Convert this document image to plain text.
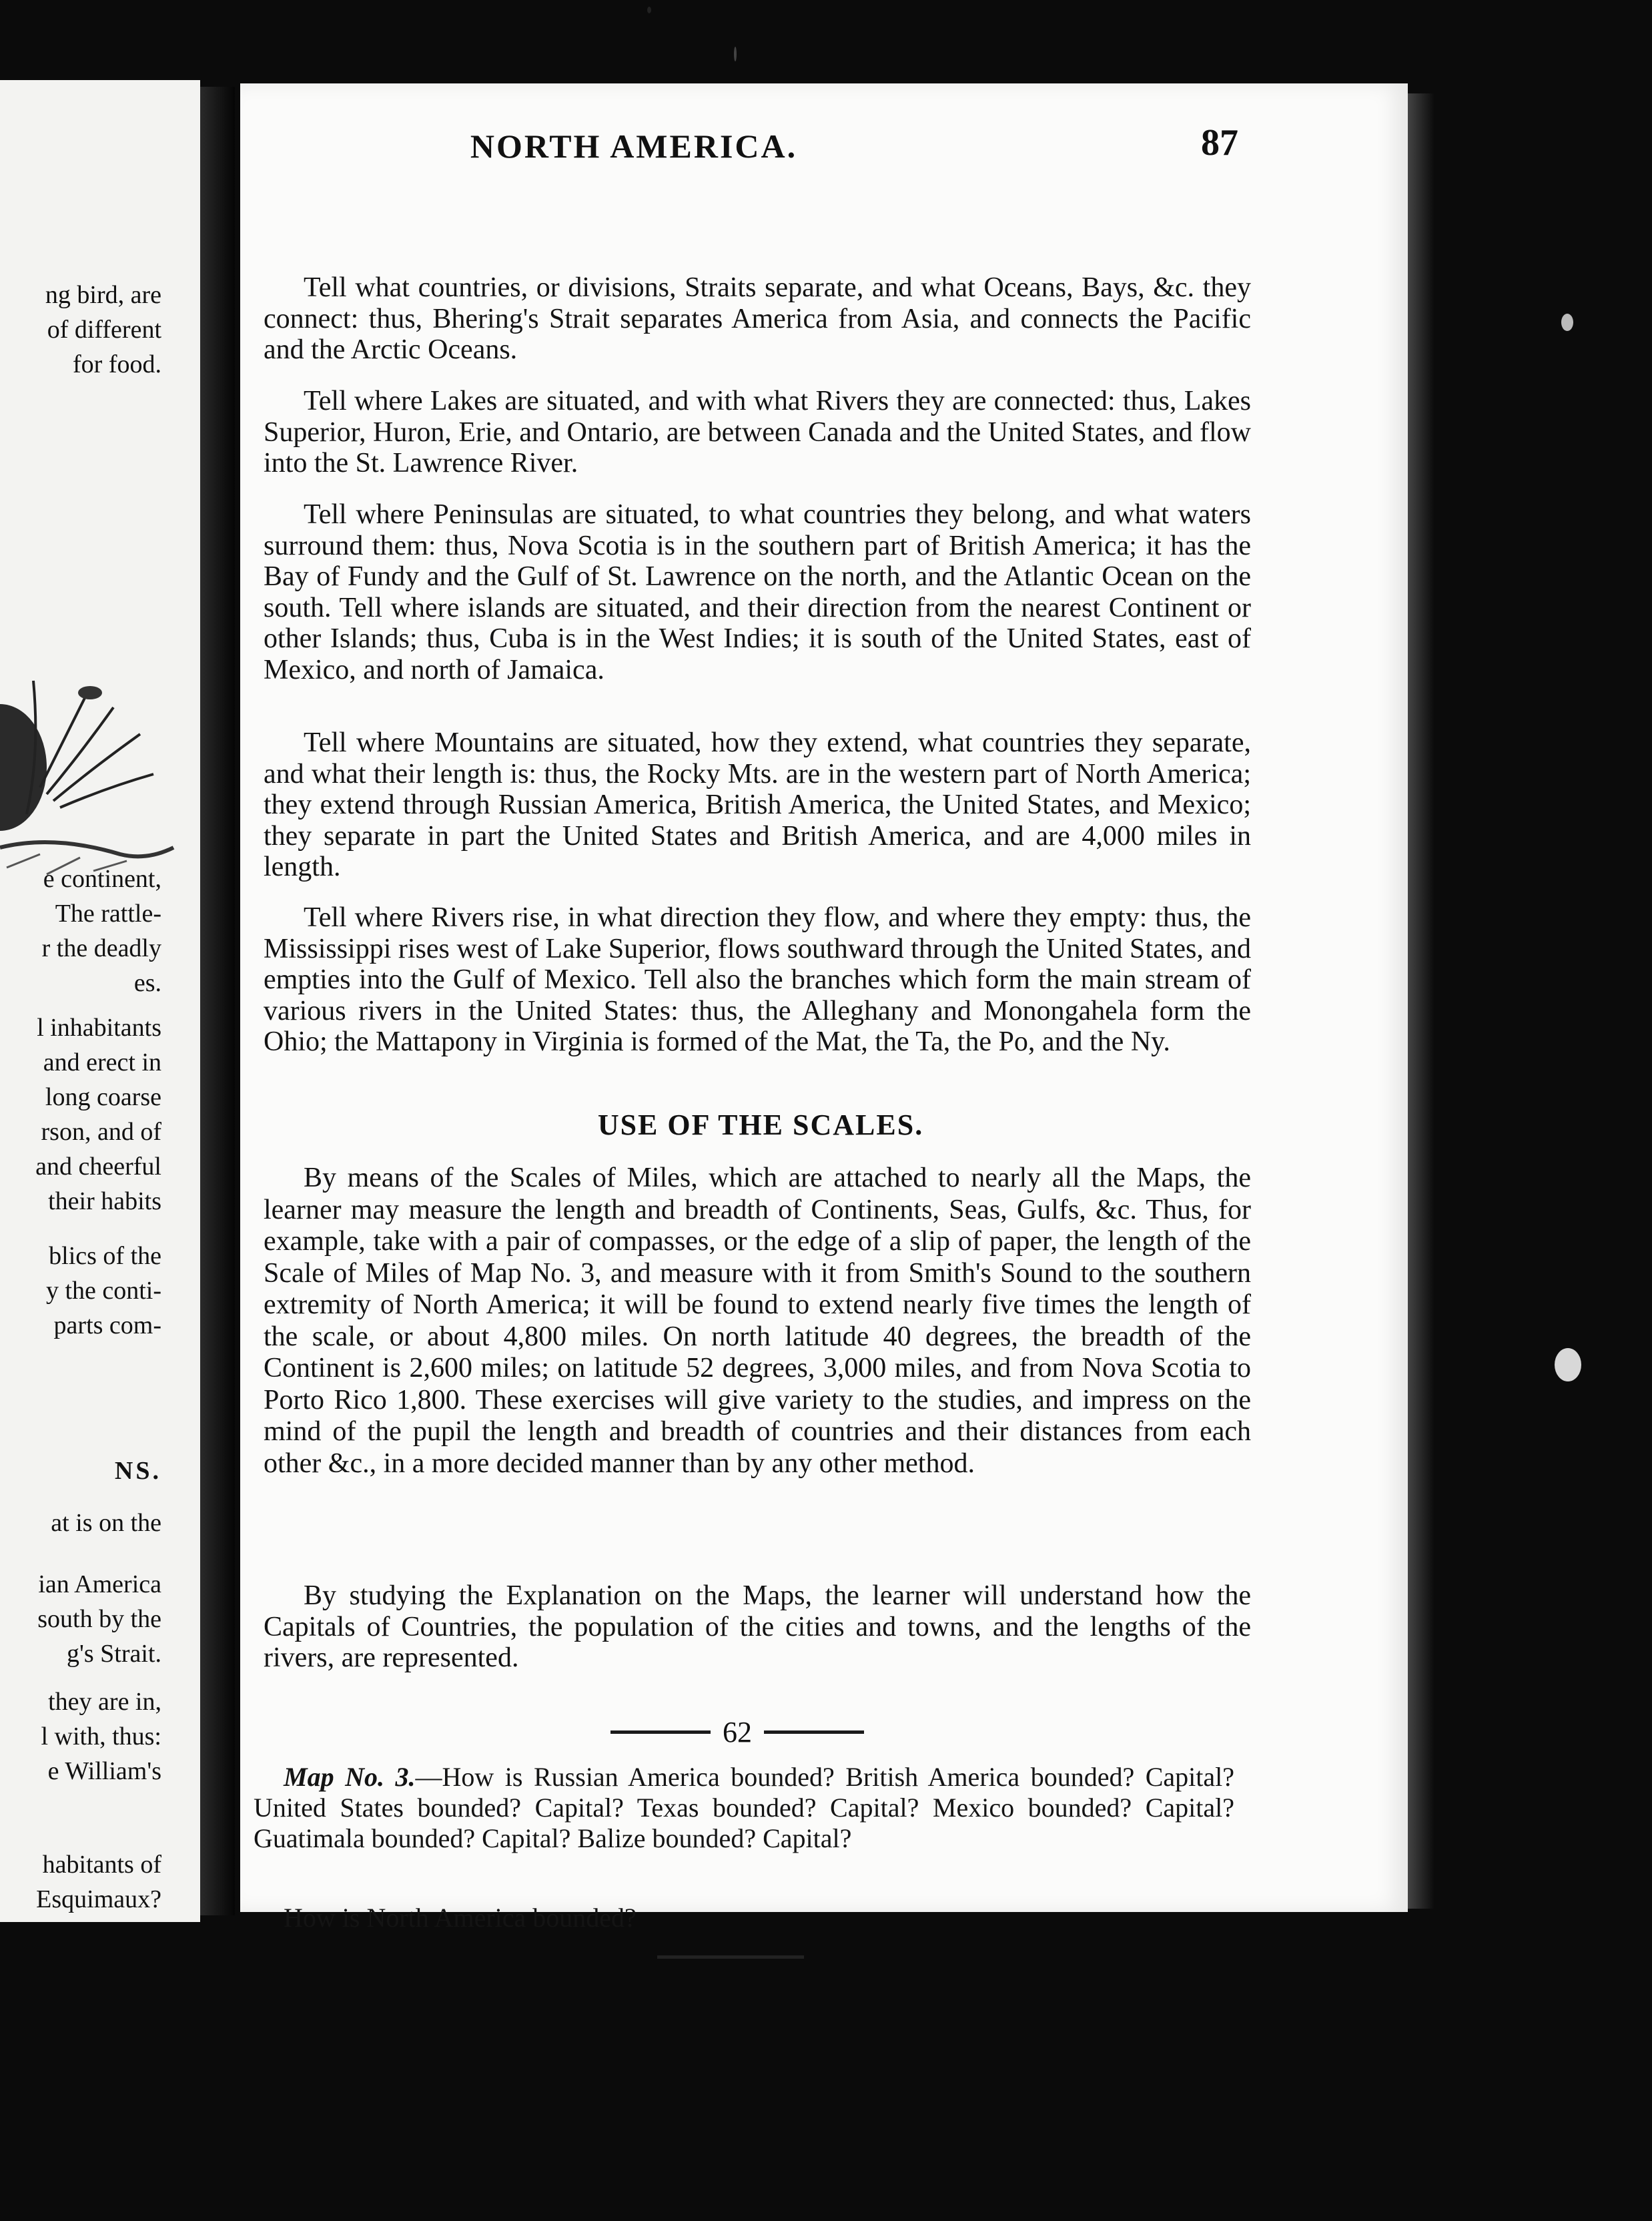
ng bird, are
of different
for food.
e continent,
The rattle-
r the deadly
es.
l inhabitants
and erect in
long coarse
rson, and of
and cheerful
their habits
blics of the
y the conti-
parts com-
NS.
at is on the
ian America
south by the
g's Strait.
they are in,
l with, thus:
e William's
habitants of
Esquimaux?
NORTH AMERICA.	87

Tell what countries, or divisions, Straits separate, and what Oceans, Bays, &c. they connect: thus, Bhering's Strait separates America from Asia, and connects the Pacific and the Arctic Oceans.

Tell where Lakes are situated, and with what Rivers they are connected: thus, Lakes Superior, Huron, Erie, and Ontario, are between Canada and the United States, and flow into the St. Lawrence River.

Tell where Peninsulas are situated, to what countries they belong, and what waters surround them: thus, Nova Scotia is in the southern part of British America; it has the Bay of Fundy and the Gulf of St. Lawrence on the north, and the Atlantic Ocean on the south. Tell where islands are situated, and their direction from the nearest Continent or other Islands; thus, Cuba is in the West Indies; it is south of the United States, east of Mexico, and north of Jamaica.

Tell where Mountains are situated, how they extend, what countries they separate, and what their length is: thus, the Rocky Mts. are in the western part of North America; they extend through Russian America, British America, the United States, and Mexico; they separate in part the United States and British America, and are 4,000 miles in length.

Tell where Rivers rise, in what direction they flow, and where they empty: thus, the Mississippi rises west of Lake Superior, flows southward through the United States, and empties into the Gulf of Mexico. Tell also the branches which form the main stream of various rivers in the United States: thus, the Alleghany and Monongahela form the Ohio; the Mattapony in Virginia is formed of the Mat, the Ta, the Po, and the Ny.

USE OF THE SCALES.

By means of the Scales of Miles, which are attached to nearly all the Maps, the learner may measure the length and breadth of Continents, Seas, Gulfs, &c. Thus, for example, take with a pair of compasses, or the edge of a slip of paper, the length of the Scale of Miles of Map No. 3, and measure with it from Smith's Sound to the southern extremity of North America; it will be found to extend nearly five times the length of the scale, or about 4,800 miles. On north latitude 40 degrees, the breadth of the Continent is 2,600 miles; on latitude 52 degrees, 3,000 miles, and from Nova Scotia to Porto Rico 1,800. These exercises will give variety to the studies, and impress on the mind of the pupil the length and breadth of countries and their distances from each other &c., in a more decided manner than by any other method.

By studying the Explanation on the Maps, the learner will understand how the Capitals of Countries, the population of the cities and towns, and the lengths of the rivers, are represented.

62

Map No. 3.—How is Russian America bounded? British America bounded? Capital? United States bounded? Capital? Texas bounded? Capital? Mexico bounded? Capital? Guatimala bounded? Capital? Balize bounded? Capital?

How is North America bounded?
